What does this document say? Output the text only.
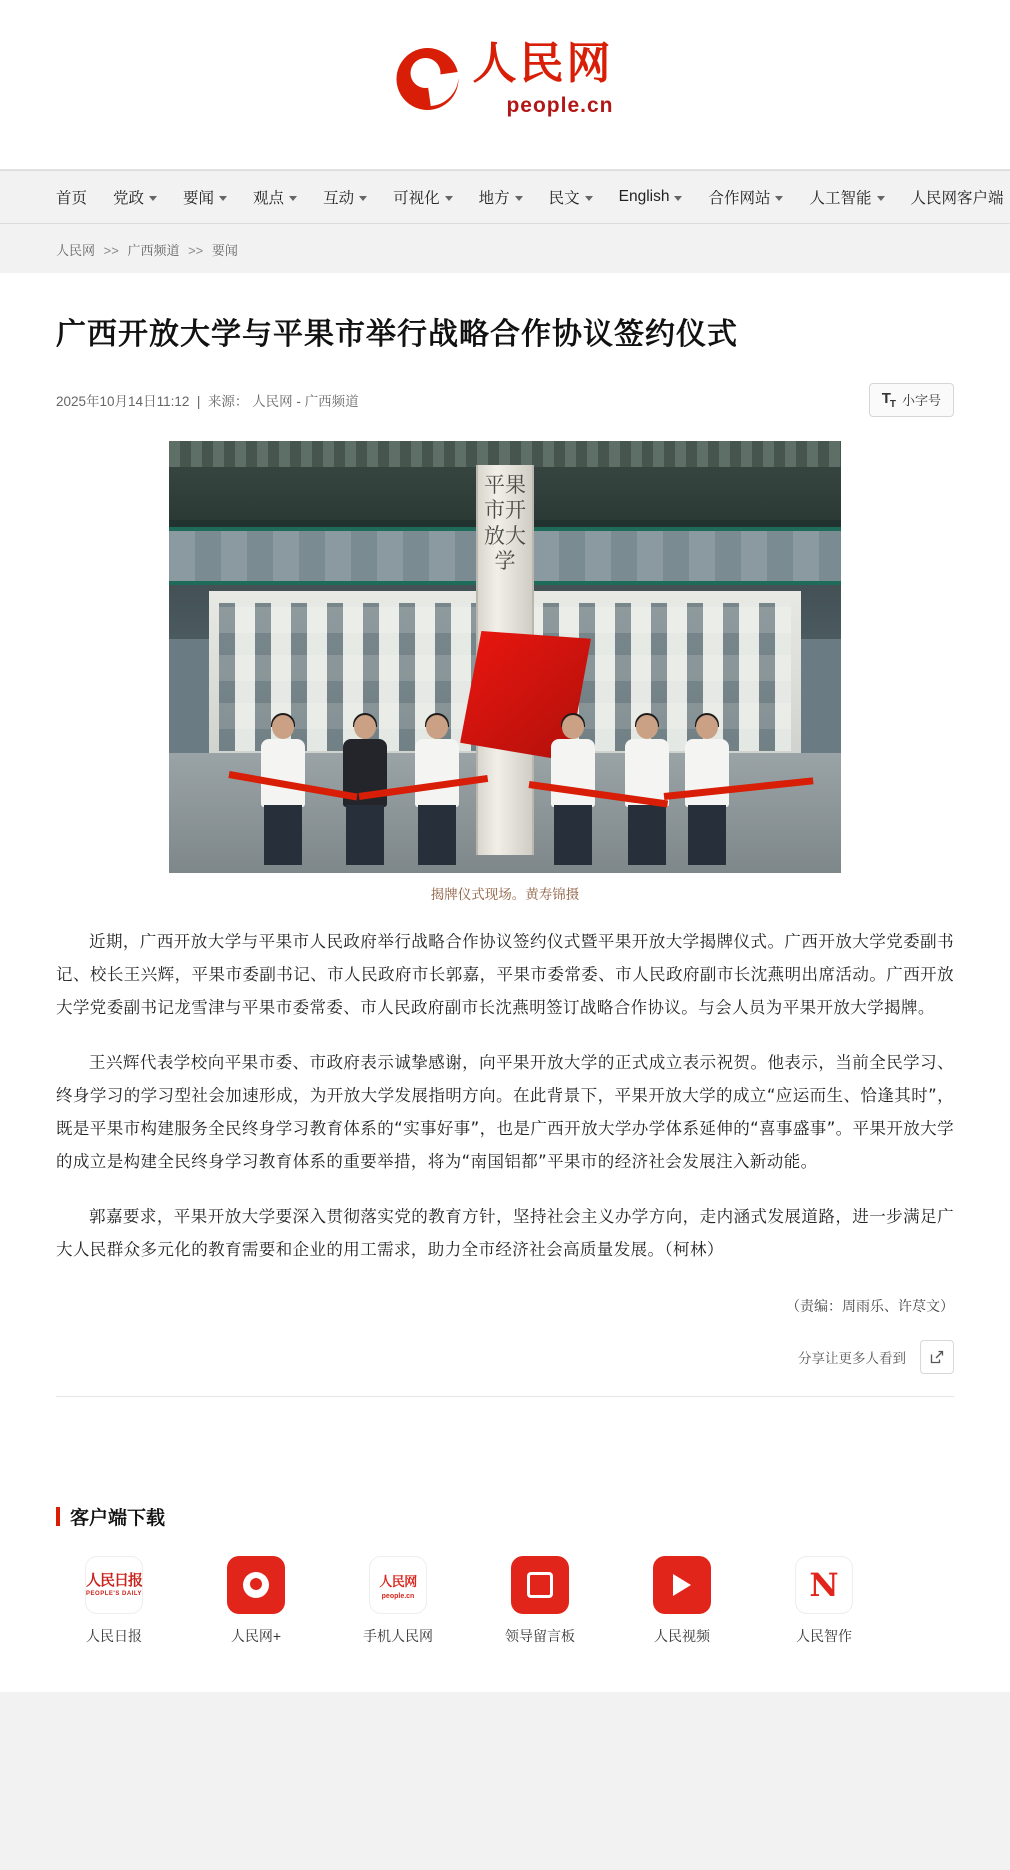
人民网
people.cn
首页 党政	要闻	观点	互动	可视化	地方	民文	English	合作网站	人工智能	人民网客户端
人民网 >> 广西频道 >> 要闻
广西开放大学与平果市举行战略合作协议签约仪式
2025年10月14日11:12  |  来源： 人民网 - 广西频道	$T_T$ 小字号
平果市开放大学
揭牌仪式现场。黄寿锦摄

近期，广西开放大学与平果市人民政府举行战略合作协议签约仪式暨平果开放大学揭牌仪式。广西开放大学党委副书记、校长王兴辉，平果市委副书记、市人民政府市长郭嘉，平果市委常委、市人民政府副市长沈燕明出席活动。广西开放大学党委副书记龙雪津与平果市委常委、市人民政府副市长沈燕明签订战略合作协议。与会人员为平果开放大学揭牌。

王兴辉代表学校向平果市委、市政府表示诚挚感谢，向平果开放大学的正式成立表示祝贺。他表示，当前全民学习、终身学习的学习型社会加速形成，为开放大学发展指明方向。在此背景下，平果开放大学的成立“应运而生、恰逢其时”，既是平果市构建服务全民终身学习教育体系的“实事好事”，也是广西开放大学办学体系延伸的“喜事盛事”。平果开放大学的成立是构建全民终身学习教育体系的重要举措，将为“南国铝都”平果市的经济社会发展注入新动能。

郭嘉要求，平果开放大学要深入贯彻落实党的教育方针，坚持社会主义办学方向，走内涵式发展道路，进一步满足广大人民群众多元化的教育需要和企业的用工需求，助力全市经济社会高质量发展。（柯林）

（责编：周雨乐、许荩文）
分享让更多人看到
客户端下载
人民日报
PEOPLE'S DAILY
人民日报	人民网+
人民网
people.cn
手机人民网	领导留言板	人民视频
N
人民智作
